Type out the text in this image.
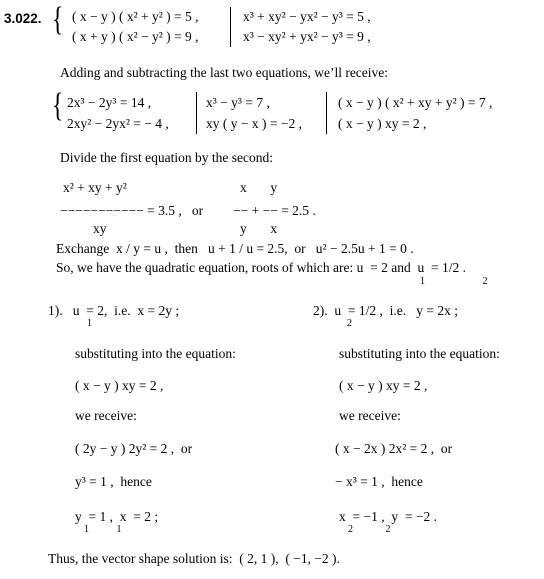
3.022. { ( x − y ) ( x² + y² ) = 5 ,
( x + y ) ( x² − y² ) = 9 ,
x³ + xy² − yx² − y³ = 5 ,
x³ − xy² + yx² − y³ = 9 ,
Adding and subtracting the last two equations, we’ll receive:
{ 2x³ − 2y³ = 14 ,
2xy² − 2yx² = − 4 ,
x³ − y³ = 7 ,
xy ( y − x ) = −2 ,
( x − y ) ( x² + xy + y² ) = 7 ,
( x − y ) xy = 2 ,
Divide the first equation by the second:
x² + xy + y²
−−−−−−−−−−− = 3.5 ,   or
xy
x       y
−− + −− = 2.5 .
y       x
Exchange  x / y = u ,  then   u + 1 / u = 2.5,  or   u² − 2.5u + 1 = 0 .
So, we have the quadratic equation, roots of which are: u  = 2 and  u  = 1/2 .
1                       2
1).   u  = 2,  i.e.  x = 2y ;
1
substituting into the equation:
( x − y ) xy = 2 ,
we receive:
( 2y − y ) 2y² = 2 ,  or
y³ = 1 ,  hence
y  = 1 ,  x  = 2 ;
1           1
2).  u  = 1/2 ,  i.e.   y = 2x ;
2
substituting into the equation:
( x − y ) xy = 2 ,
we receive:
( x − 2x ) 2x² = 2 ,  or
− x³ = 1 ,  hence
x  = −1 ,  y  = −2 .
2             2
Thus, the vector shape solution is:  ( 2, 1 ),  ( −1, −2 ).
